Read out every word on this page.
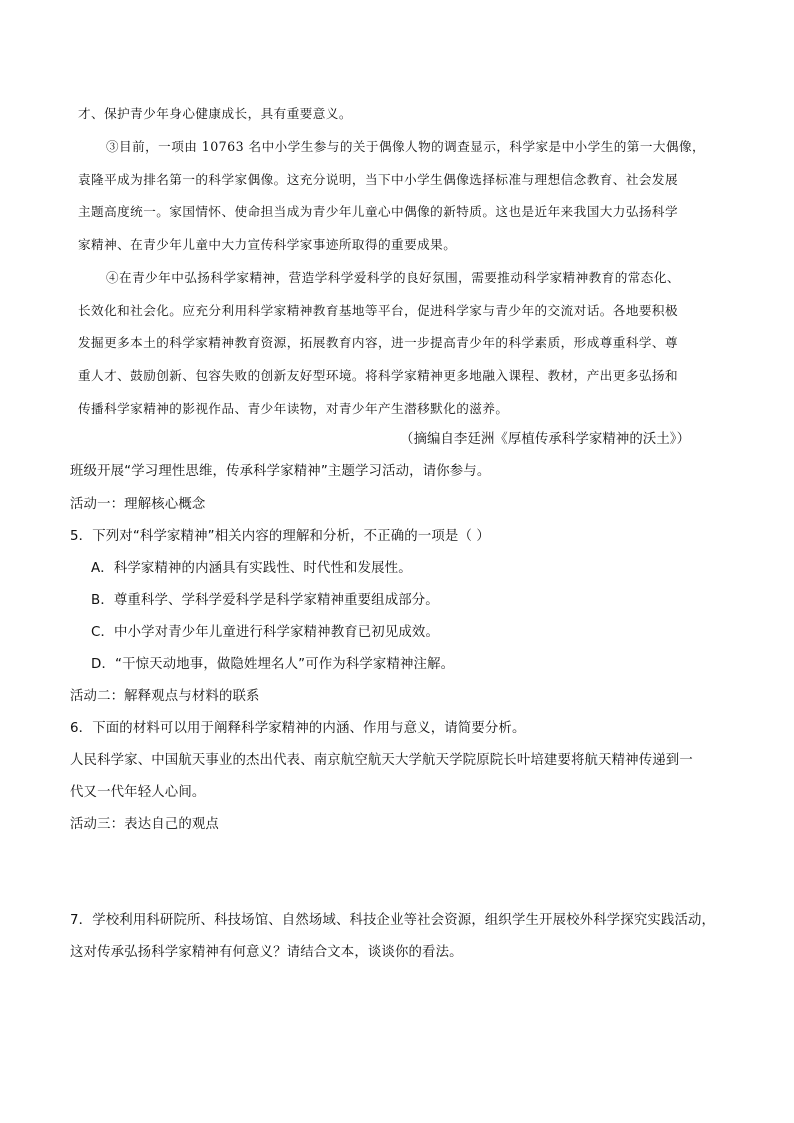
才、保护青少年身心健康成长，具有重要意义。
③目前，一项由 10763 名中小学生参与的关于偶像人物的调查显示，科学家是中小学生的第一大偶像，
袁隆平成为排名第一的科学家偶像。这充分说明，当下中小学生偶像选择标准与理想信念教育、社会发展
主题高度统一。家国情怀、使命担当成为青少年儿童心中偶像的新特质。这也是近年来我国大力弘扬科学
家精神、在青少年儿童中大力宣传科学家事迹所取得的重要成果。
④在青少年中弘扬科学家精神，营造学科学爱科学的良好氛围，需要推动科学家精神教育的常态化、
长效化和社会化。应充分利用科学家精神教育基地等平台，促进科学家与青少年的交流对话。各地要积极
发掘更多本土的科学家精神教育资源，拓展教育内容，进一步提高青少年的科学素质，形成尊重科学、尊
重人才、鼓励创新、包容失败的创新友好型环境。将科学家精神更多地融入课程、教材，产出更多弘扬和
传播科学家精神的影视作品、青少年读物，对青少年产生潜移默化的滋养。
（摘编自李廷洲《厚植传承科学家精神的沃土》）
班级开展“学习理性思维，传承科学家精神”主题学习活动，请你参与。
活动一：理解核心概念
5．下列对“科学家精神”相关内容的理解和分析，不正确的一项是（ ）
A．科学家精神的内涵具有实践性、时代性和发展性。
B．尊重科学、学科学爱科学是科学家精神重要组成部分。
C．中小学对青少年儿童进行科学家精神教育已初见成效。
D．“干惊天动地事，做隐姓埋名人”可作为科学家精神注解。
活动二：解释观点与材料的联系
6．下面的材料可以用于阐释科学家精神的内涵、作用与意义，请简要分析。
人民科学家、中国航天事业的杰出代表、南京航空航天大学航天学院原院长叶培建要将航天精神传递到一
代又一代年轻人心间。
活动三：表达自己的观点
7．学校利用科研院所、科技场馆、自然场域、科技企业等社会资源，组织学生开展校外科学探究实践活动，
这对传承弘扬科学家精神有何意义？请结合文本，谈谈你的看法。
